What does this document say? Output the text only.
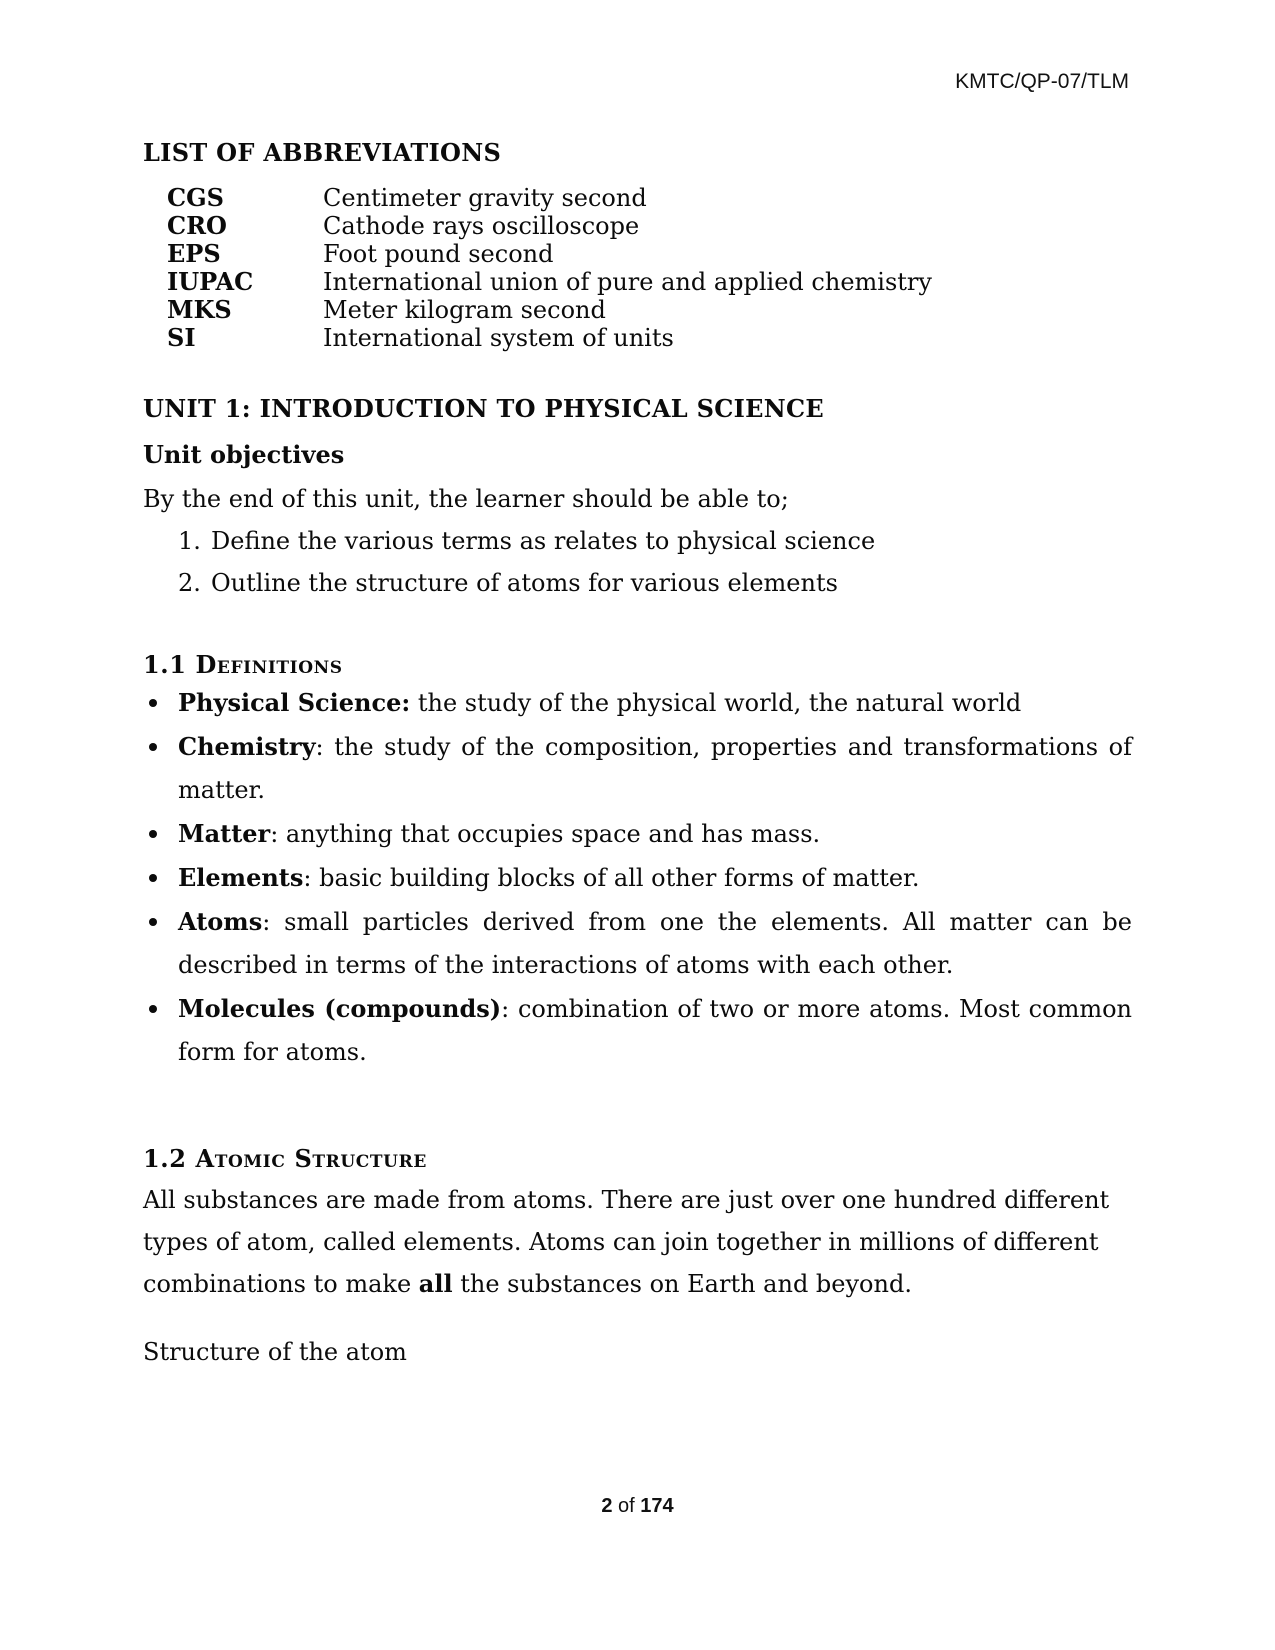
KMTC/QP-07/TLM
LIST OF ABBREVIATIONS
CGS	Centimeter gravity second
CRO	Cathode rays oscilloscope
EPS	Foot pound second
IUPAC	International union of pure and applied chemistry
MKS	Meter kilogram second
SI	International system of units
UNIT 1: INTRODUCTION TO PHYSICAL SCIENCE
Unit objectives
By the end of this unit, the learner should be able to;
1. Define the various terms as relates to physical science
2. Outline the structure of atoms for various elements
1.1 Definitions
Physical Science: the study of the physical world, the natural world
Chemistry: the study of the composition, properties and transformations of matter.
Matter: anything that occupies space and has mass.
Elements: basic building blocks of all other forms of matter.
Atoms: small particles derived from one the elements. All matter can be described in terms of the interactions of atoms with each other.
Molecules (compounds): combination of two or more atoms. Most common form for atoms.
1.2 Atomic Structure
All substances are made from atoms. There are just over one hundred different types of atom, called elements. Atoms can join together in millions of different combinations to make all the substances on Earth and beyond.
Structure of the atom
2 of 174
